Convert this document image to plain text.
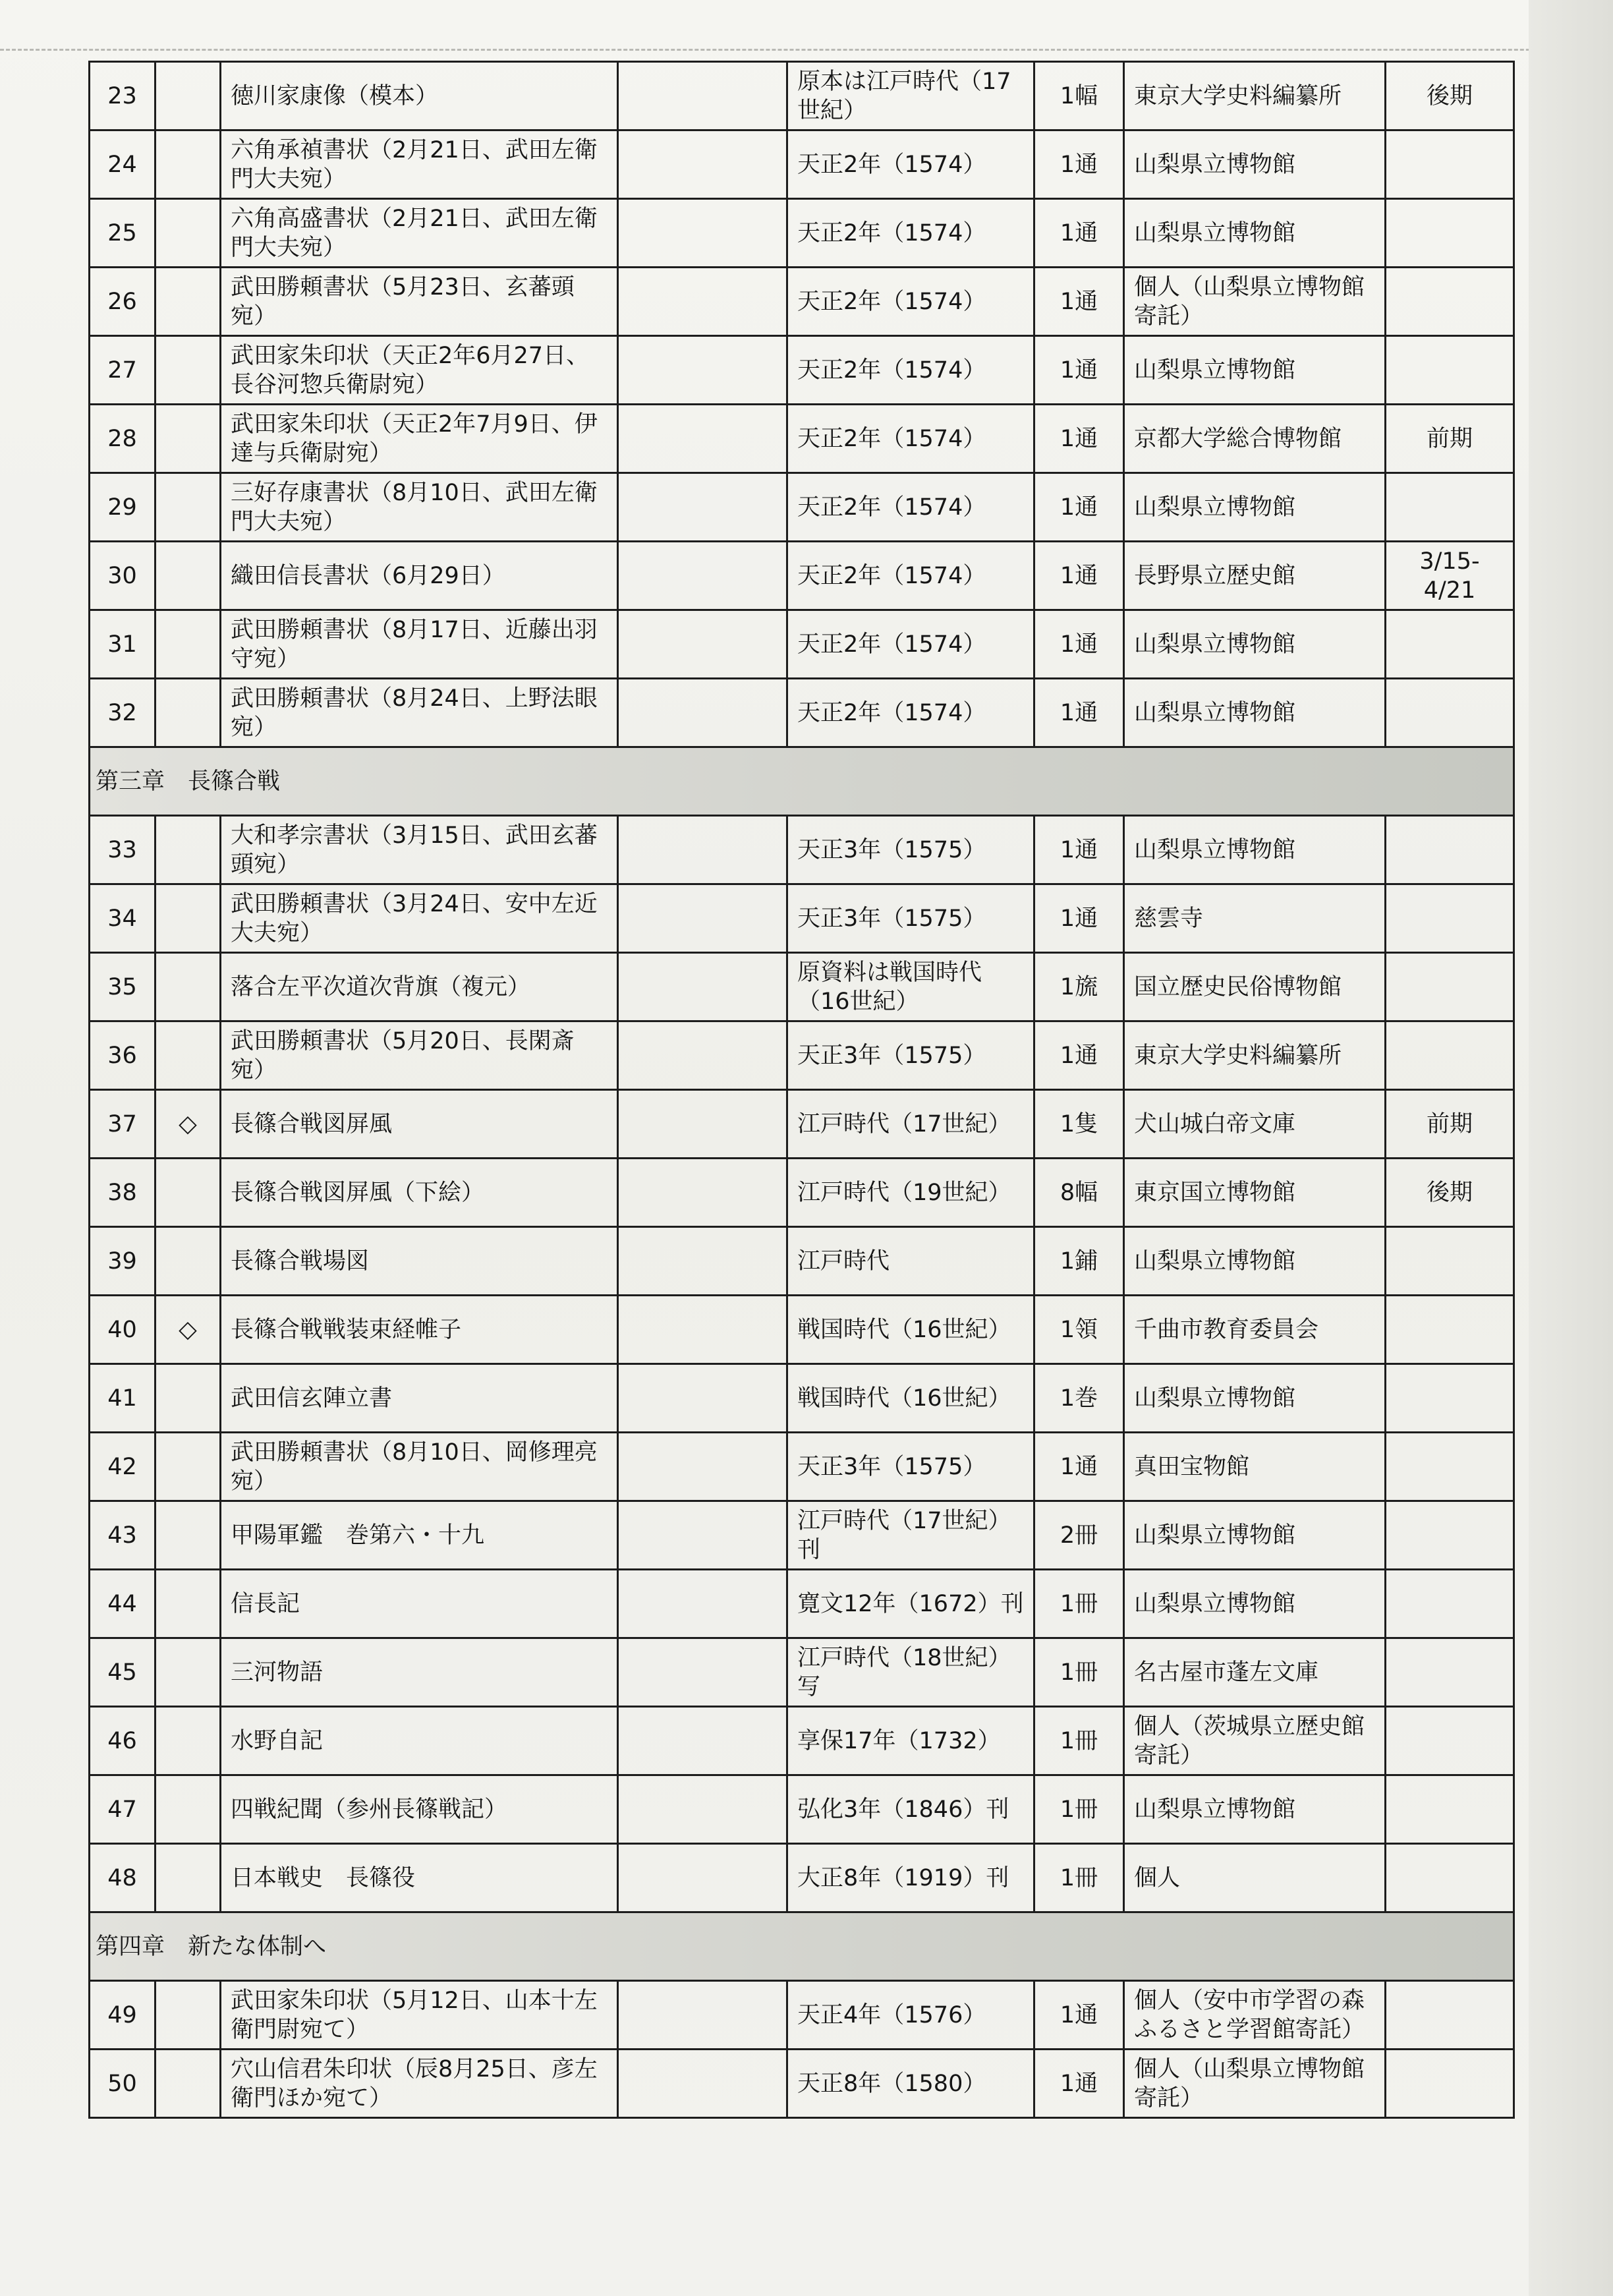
23		徳川家康像（模本）		原本は江戸時代（17世紀）	1幅	東京大学史料編纂所	後期
24		六角承禎書状（2月21日、武田左衛門大夫宛）		天正2年（1574）	1通	山梨県立博物館	
25		六角高盛書状（2月21日、武田左衛門大夫宛）		天正2年（1574）	1通	山梨県立博物館	
26		武田勝頼書状（5月23日、玄蕃頭宛）		天正2年（1574）	1通	個人（山梨県立博物館寄託）	
27		武田家朱印状（天正2年6月27日、長谷河惣兵衛尉宛）		天正2年（1574）	1通	山梨県立博物館	
28		武田家朱印状（天正2年7月9日、伊達与兵衛尉宛）		天正2年（1574）	1通	京都大学総合博物館	前期
29		三好存康書状（8月10日、武田左衛門大夫宛）		天正2年（1574）	1通	山梨県立博物館	
30		織田信長書状（6月29日）		天正2年（1574）	1通	長野県立歴史館	3/15-4/21
31		武田勝頼書状（8月17日、近藤出羽守宛）		天正2年（1574）	1通	山梨県立博物館	
32		武田勝頼書状（8月24日、上野法眼宛）		天正2年（1574）	1通	山梨県立博物館	
第三章　長篠合戦							
33		大和孝宗書状（3月15日、武田玄蕃頭宛）		天正3年（1575）	1通	山梨県立博物館	
34		武田勝頼書状（3月24日、安中左近大夫宛）		天正3年（1575）	1通	慈雲寺	
35		落合左平次道次背旗（複元）		原資料は戦国時代（16世紀）	1旒	国立歴史民俗博物館	
36		武田勝頼書状（5月20日、長閑斎宛）		天正3年（1575）	1通	東京大学史料編纂所	
37	◇	長篠合戦図屏風		江戸時代（17世紀）	1隻	犬山城白帝文庫	前期
38		長篠合戦図屏風（下絵）		江戸時代（19世紀）	8幅	東京国立博物館	後期
39		長篠合戦場図		江戸時代	1鋪	山梨県立博物館	
40	◇	長篠合戦戦装束経帷子		戦国時代（16世紀）	1領	千曲市教育委員会	
41		武田信玄陣立書		戦国時代（16世紀）	1巻	山梨県立博物館	
42		武田勝頼書状（8月10日、岡修理亮宛）		天正3年（1575）	1通	真田宝物館	
43		甲陽軍鑑　巻第六・十九		江戸時代（17世紀）刊	2冊	山梨県立博物館	
44		信長記		寛文12年（1672）刊	1冊	山梨県立博物館	
45		三河物語		江戸時代（18世紀）写	1冊	名古屋市蓬左文庫	
46		水野自記		享保17年（1732）	1冊	個人（茨城県立歴史館寄託）	
47		四戦紀聞（参州長篠戦記）		弘化3年（1846）刊	1冊	山梨県立博物館	
48		日本戦史　長篠役		大正8年（1919）刊	1冊	個人	
第四章　新たな体制へ							
49		武田家朱印状（5月12日、山本十左衛門尉宛て）		天正4年（1576）	1通	個人（安中市学習の森ふるさと学習館寄託）	
50		穴山信君朱印状（辰8月25日、彦左衛門ほか宛て）		天正8年（1580）	1通	個人（山梨県立博物館寄託）	
